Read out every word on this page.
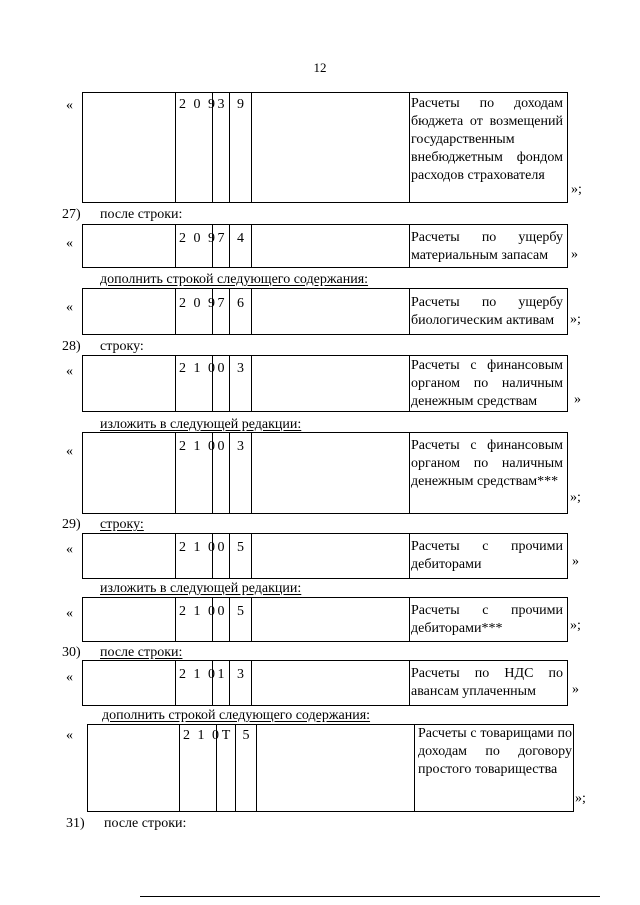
12
«	2 0 9 3 9	Расчеты по доходам бюджета от возмещений государственным внебюджетным фондом расходов страхователя
»;
27) после строки:
«	2 0 9 7 4	Расчеты по ущербу материальным запасам	»
дополнить строкой следующего содержания:
«	2 0 9 7 6	Расчеты по ущербу биологическим активам	»;
28) строку:
«	2 1 0 0 3	Расчеты с финансовым органом по наличным денежным средствам	»
изложить в следующей редакции:
«	2 1 0 0 3	Расчеты с финансовым органом по наличным денежным средствам***
»;
29) строку:
«	2 1 0 0 5	Расчеты с прочими дебиторами	»
изложить в следующей редакции:
«	2 1 0 0 5	Расчеты с прочими дебиторами***	»;
30) после строки:
«	2 1 0 1 3	Расчеты по НДС по авансам уплаченным	»
дополнить строкой следующего содержания:
«	2 1 0 Т 5	Расчеты с товарищами по доходам по договору простого товарищества
»;
31) после строки:
